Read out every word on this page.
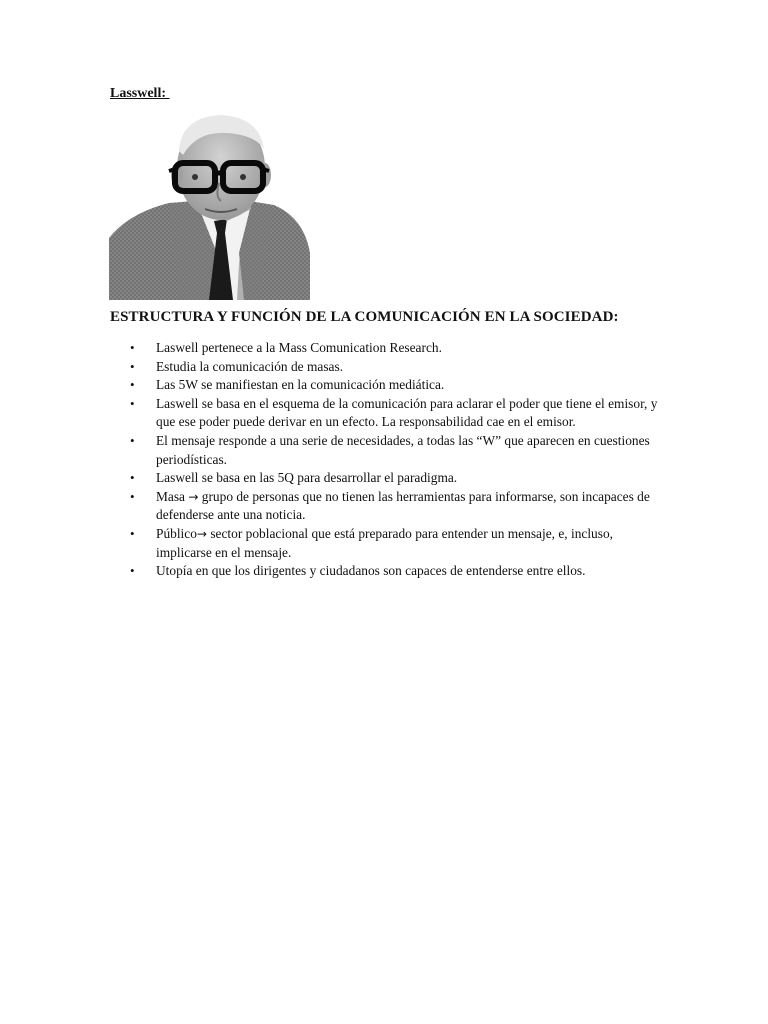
Lasswell:
ESTRUCTURA Y FUNCIÓN DE LA COMUNICACIÓN EN LA SOCIEDAD:
• Laswell pertenece a la Mass Comunication Research.
• Estudia la comunicación de masas.
• Las 5W se manifiestan en la comunicación mediática.
• Laswell se basa en el esquema de la comunicación para aclarar el poder que tiene el emisor, y que ese poder puede derivar en un efecto. La responsabilidad cae en el emisor.
• El mensaje responde a una serie de necesidades, a todas las “W” que aparecen en cuestiones periodísticas.
• Laswell se basa en las 5Q para desarrollar el paradigma.
• Masa → grupo de personas que no tienen las herramientas para informarse, son incapaces de defenderse ante una noticia.
• Público→ sector poblacional que está preparado para entender un mensaje, e, incluso, implicarse en el mensaje.
• Utopía en que los dirigentes y ciudadanos son capaces de entenderse entre ellos.
